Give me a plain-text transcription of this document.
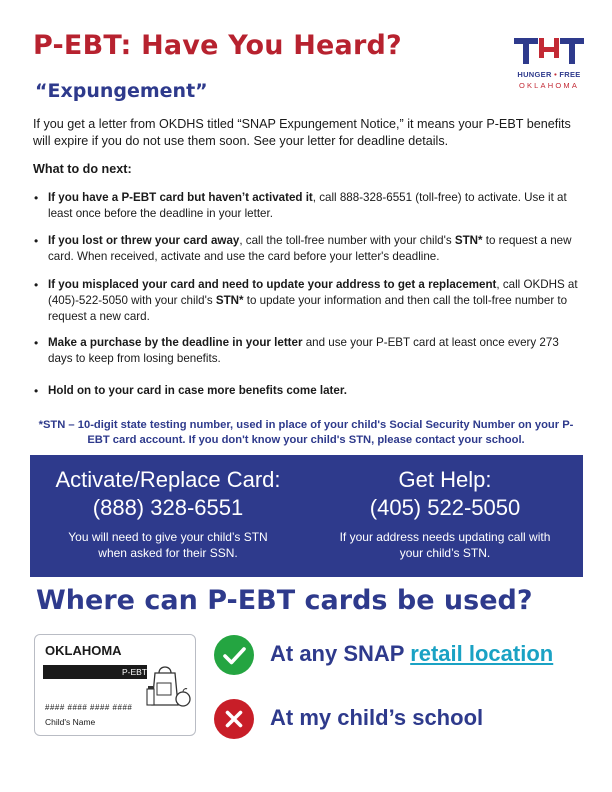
P-EBT: Have You Heard?
“Expungement”
HUNGER • FREE
OKLAHOMA

If you get a letter from OKDHS titled “SNAP Expungement Notice,” it means your P-EBT benefits will expire if you do not use them soon. See your letter for deadline details.

What to do next:

• If you have a P-EBT card but haven’t activated it, call 888-328-6551 (toll-free) to activate. Use it at least once before the deadline in your letter.
• If you lost or threw your card away, call the toll-free number with your child's STN* to request a new card. When received, activate and use the card before your letter's deadline.
• If you misplaced your card and need to update your address to get a replacement, call OKDHS at (405)-522-5050 with your child's STN* to update your information and then call the toll-free number to request a new card.
• Make a purchase by the deadline in your letter and use your P-EBT card at least once every 273 days to keep from losing benefits.
• Hold on to your card in case more benefits come later.

*STN – 10-digit state testing number, used in place of your child's Social Security Number on your P-EBT card account. If you don't know your child's STN, please contact your school.

Activate/Replace Card:
(888) 328-6551
You will need to give your child’s STN when asked for their SSN.
Get Help:
(405) 522-5050
If your address needs updating call with your child’s STN.
Where can P-EBT cards be used?
OKLAHOMA
P-EBT
#### #### #### ####
Child's Name
At any SNAP retail location
At my child’s school
